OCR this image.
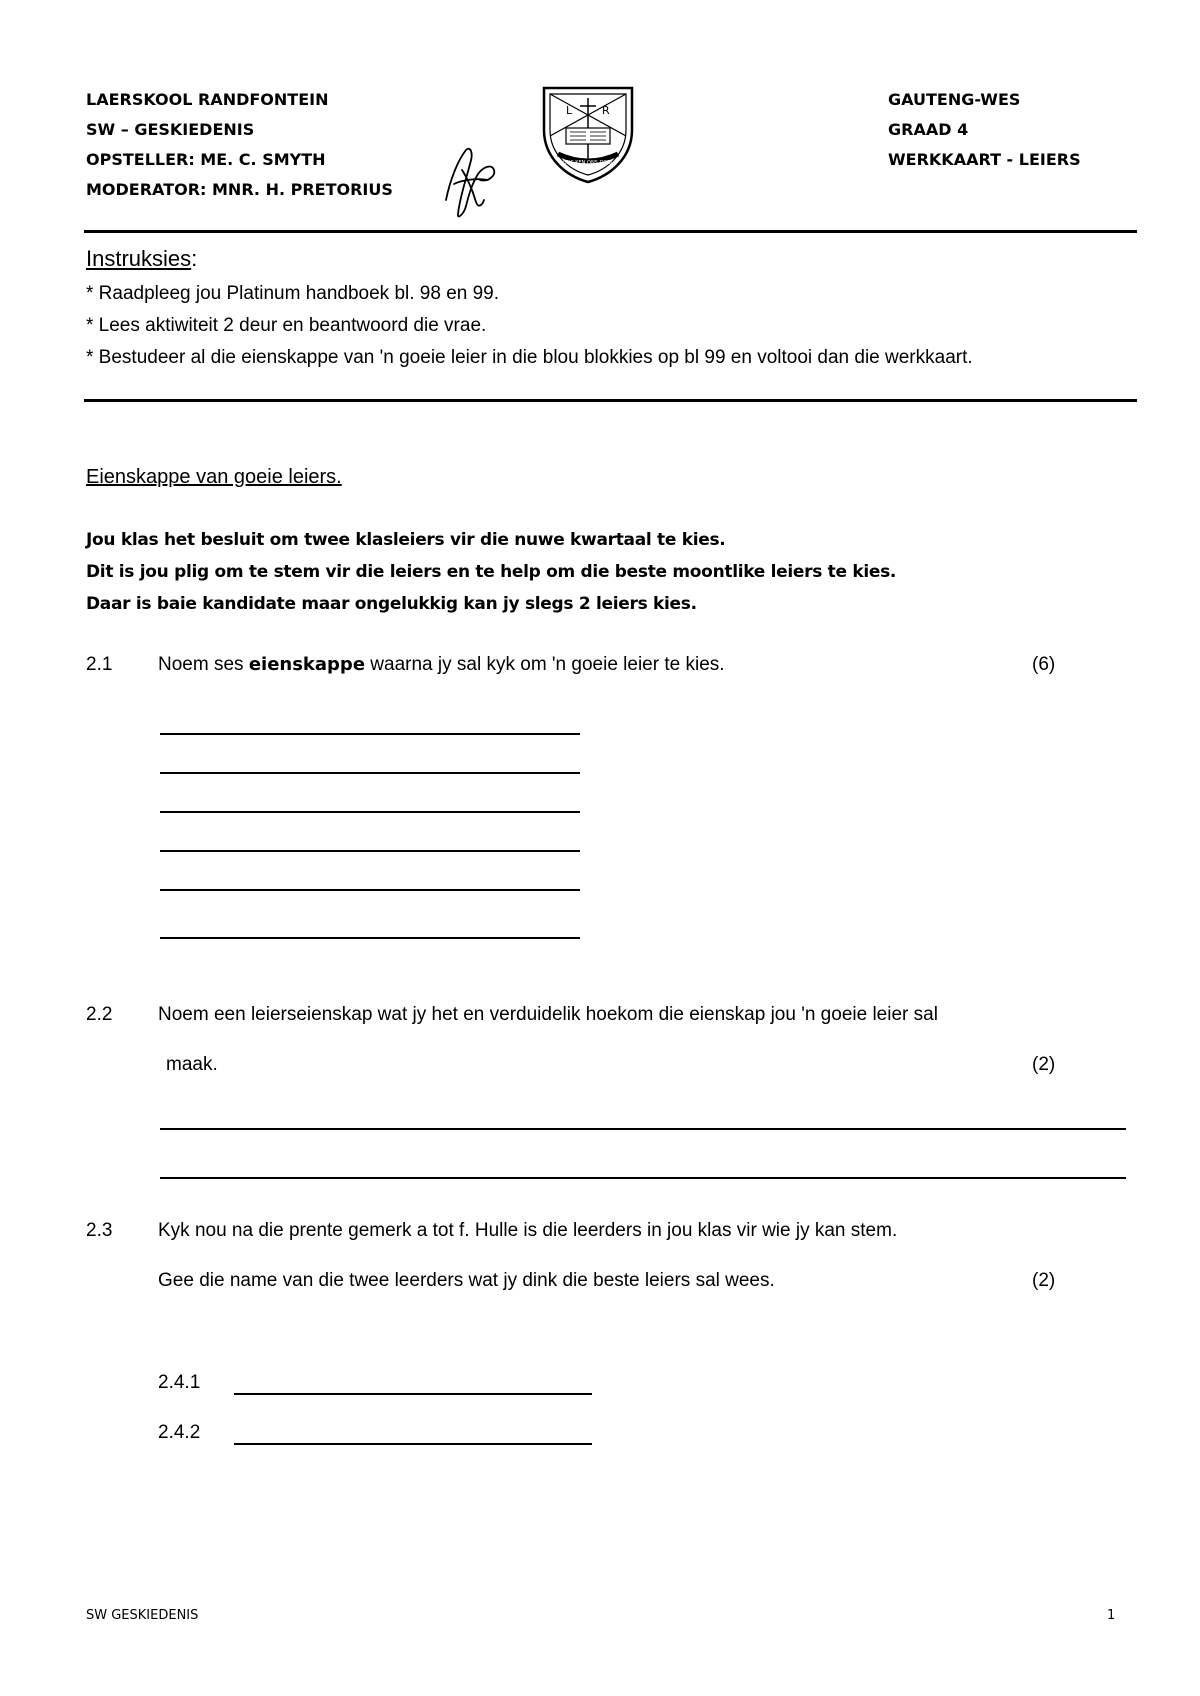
LAERSKOOL RANDFONTEIN
SW – GESKIEDENIS
OPSTELLER: ME. C. SMYTH
MODERATOR: MNR. H. PRETORIUS
L	R
ONS KEN ONS DOEL
GAUTENG-WES
GRAAD 4
WERKKAART - LEIERS
Instruksies:
* Raadpleeg jou Platinum handboek bl. 98 en 99.
* Lees aktiwiteit 2 deur en beantwoord die vrae.
* Bestudeer al die eienskappe van 'n goeie leier in die blou blokkies op bl 99 en voltooi dan die werkkaart.
Eienskappe van goeie leiers.
Jou klas het besluit om twee klasleiers vir die nuwe kwartaal te kies.
Dit is jou plig om te stem vir die leiers en te help om die beste moontlike leiers te kies.
Daar is baie kandidate maar ongelukkig kan jy slegs 2 leiers kies.
2.1 Noem ses eienskappe waarna jy sal kyk om 'n goeie leier te kies.	(6)
2.2 Noem een leierseienskap wat jy het en verduidelik hoekom die eienskap jou 'n goeie leier sal
maak.	(2)
2.3 Kyk nou na die prente gemerk a tot f. Hulle is die leerders in jou klas vir wie jy kan stem.
Gee die name van die twee leerders wat jy dink die beste leiers sal wees.	(2)
2.4.1
2.4.2
SW GESKIEDENIS	1
